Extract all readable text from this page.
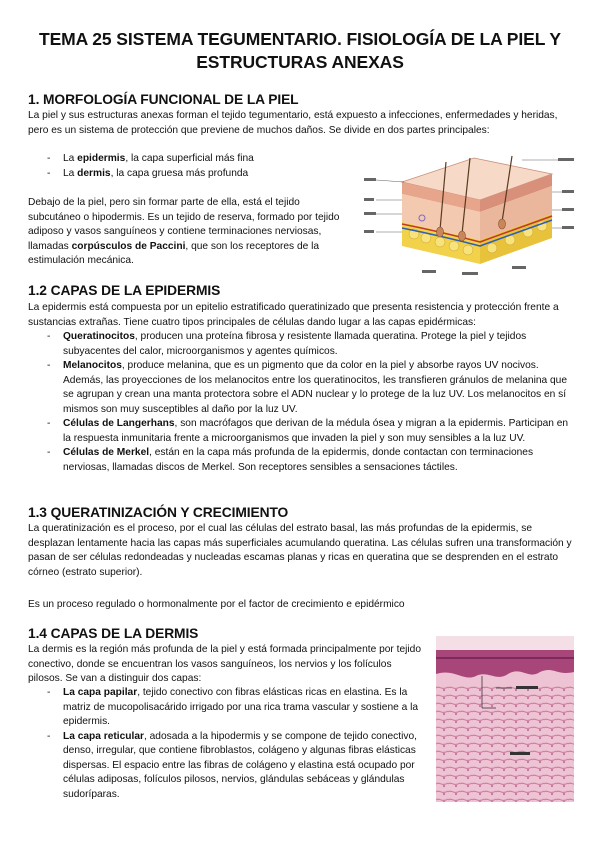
TEMA 25 SISTEMA TEGUMENTARIO. FISIOLOGÍA DE LA PIEL Y ESTRUCTURAS ANEXAS
1. MORFOLOGÍA FUNCIONAL DE LA PIEL

La piel y sus estructuras anexas forman el tejido tegumentario, está expuesto a infecciones, enfermedades y heridas, pero es un sistema de protección que previene de muchos daños. Se divide en dos partes principales:

- La epidermis, la capa superficial más fina
- La dermis, la capa gruesa más profunda

Debajo de la piel, pero sin formar parte de ella, está el tejido subcutáneo o hipodermis. Es un tejido de reserva, formado por tejido adiposo y vasos sanguíneos y contiene terminaciones nerviosas, llamadas corpúsculos de Paccini, que son los receptores de la estimulación mecánica.

1.2 CAPAS DE LA EPIDERMIS

La epidermis está compuesta por un epitelio estratificado queratinizado que presenta resistencia y protección frente a sustancias extrañas. Tiene cuatro tipos principales de células dando lugar a las capas epidérmicas:

- Queratinocitos, producen una proteína fibrosa y resistente llamada queratina. Protege la piel y tejidos subyacentes del calor, microorganismos y agentes químicos.
- Melanocitos, produce melanina, que es un pigmento que da color en la piel y absorbe rayos UV nocivos. Además, las proyecciones de los melanocitos entre los queratinocitos, les transfieren gránulos de melanina que se agrupan y crean una manta protectora sobre el ADN nuclear y lo protege de la luz UV. Los melanocitos en sí mismos son muy susceptibles al daño por la luz UV.
- Células de Langerhans, son macrófagos que derivan de la médula ósea y migran a la epidermis. Participan en la respuesta inmunitaria frente a microorganismos que invaden la piel y son muy sensibles a la luz UV.
- Células de Merkel, están en la capa más profunda de la epidermis, donde contactan con terminaciones nerviosas, llamadas discos de Merkel. Son receptores sensibles a sensaciones táctiles.
1.3 QUERATINIZACIÓN Y CRECIMIENTO

La queratinización es el proceso, por el cual las células del estrato basal, las más profundas de la epidermis, se desplazan lentamente hacia las capas más superficiales acumulando queratina. Las células sufren una transformación y pasan de ser células redondeadas y nucleadas escamas planas y ricas en queratina que se desprenden en el estrato córneo (estrato superior).

Es un proceso regulado o hormonalmente por el factor de crecimiento e epidérmico

1.4 CAPAS DE LA DERMIS

La dermis es la región más profunda de la piel y está formada principalmente por tejido conectivo, donde se encuentran los vasos sanguíneos, los nervios y los folículos pilosos. Se van a distinguir dos capas:

- La capa papilar, tejido conectivo con fibras elásticas ricas en elastina. Es la matriz de mucopolisacárido irrigado por una rica trama vascular y sostiene a la epidermis.
- La capa reticular, adosada a la hipodermis y se compone de tejido conectivo, denso, irregular, que contiene fibroblastos, colágeno y algunas fibras elásticas dispersas. El espacio entre las fibras de colágeno y elastina está ocupado por células adiposas, folículos pilosos, nervios, glándulas sebáceas y glándulas sudoríparas.
